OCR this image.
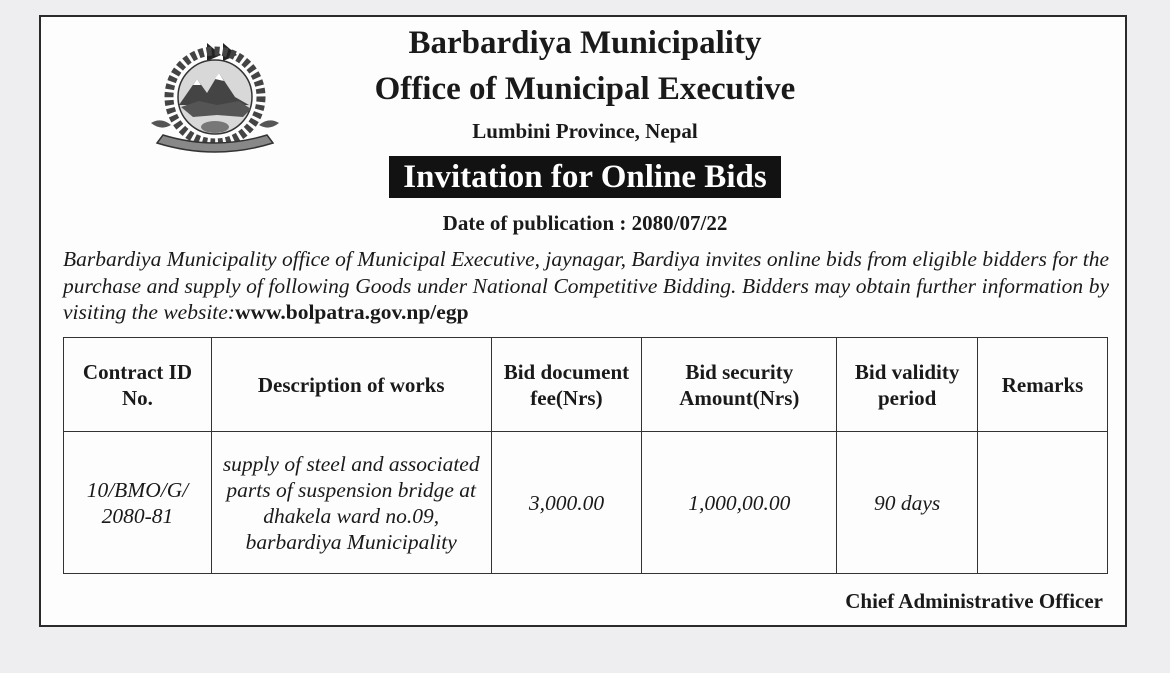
Barbardiya Municipality
Office of Municipal Executive
Lumbini Province, Nepal
Invitation for Online Bids
Date of publication : 2080/07/22
Barbardiya Municipality office of Municipal Executive, jaynagar, Bardiya invites online bids from eligible bidders for the purchase and supply of following Goods under National Competitive Bidding. Bidders may obtain further information by visiting the website:www.bolpatra.gov.np/egp
Contract ID No.	Description of works	Bid document fee(Nrs)	Bid security Amount(Nrs)	Bid validity period	Remarks
10/BMO/G/ 2080-81	supply of steel and associated parts of suspension bridge at dhakela ward no.09, barbardiya Municipality	3,000.00	1,000,00.00	90 days	
Chief Administrative Officer
